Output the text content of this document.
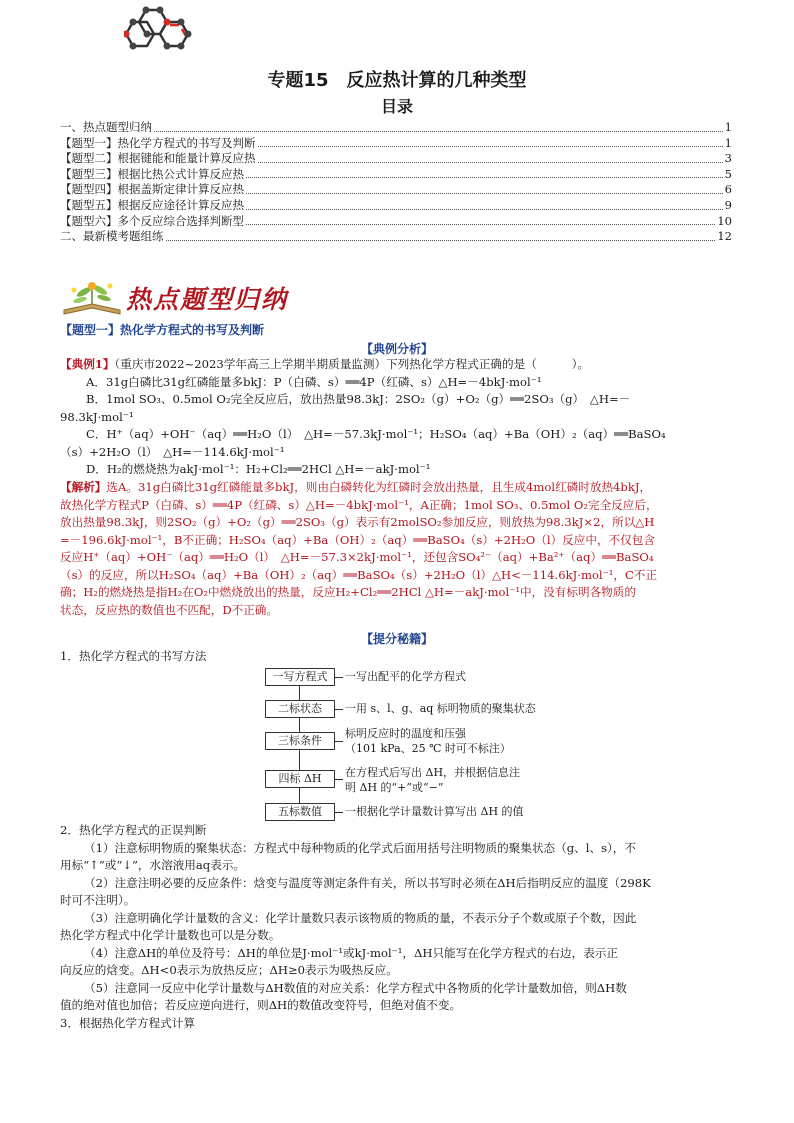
专题15　反应热计算的几种类型
目录
一、热点题型归纳	1
【题型一】热化学方程式的书写及判断	1
【题型二】根据键能和能量计算反应热	3
【题型三】根据比热公式计算反应热	5
【题型四】根据盖斯定律计算反应热	6
【题型五】根据反应途径计算反应热	9
【题型六】多个反应综合选择判断型	10
二、最新模考题组练	12
热点题型归纳
【题型一】热化学方程式的书写及判断
【典例分析】
【典例1】（重庆市2022~2023学年高三上学期半期质量监测）下列热化学方程式正确的是（　　　）。
A．31g白磷比31g红磷能量多bkJ：P（白磷、s）══4P（红磷、s）△H=－4bkJ·mol⁻¹
B．1mol SO₃、0.5mol O₂完全反应后，放出热量98.3kJ：2SO₂（g）+O₂（g）══2SO₃（g）　△H=－
98.3kJ·mol⁻¹
C．H⁺（aq）+OH⁻（aq）══H₂O（l）　△H=－57.3kJ·mol⁻¹；H₂SO₄（aq）+Ba（OH）₂（aq）══BaSO₄
（s）+2H₂O（l）　△H=－114.6kJ·mol⁻¹
D．H₂的燃烧热为akJ·mol⁻¹：H₂+Cl₂══2HCl △H=－akJ·mol⁻¹
【解析】选A。31g白磷比31g红磷能量多bkJ，则由白磷转化为红磷时会放出热量，且生成4mol红磷时放热4bkJ，
故热化学方程式P（白磷、s）══4P（红磷、s）△H=－4bkJ·mol⁻¹，A正确；1mol SO₃、0.5mol O₂完全反应后，
放出热量98.3kJ，则2SO₂（g）+O₂（g）══2SO₃（g）表示有2molSO₂参加反应，则放热为98.3kJ×2，所以△H
=－196.6kJ·mol⁻¹，B不正确；H₂SO₄（aq）+Ba（OH）₂（aq）══BaSO₄（s）+2H₂O（l）反应中，不仅包含
反应H⁺（aq）+OH⁻（aq）══H₂O（l）　△H=－57.3×2kJ·mol⁻¹，还包含SO₄²⁻（aq）+Ba²⁺（aq）══BaSO₄
（s）的反应，所以H₂SO₄（aq）+Ba（OH）₂（aq）══BaSO₄（s）+2H₂O（l）△H<－114.6kJ·mol⁻¹，C不正
确；H₂的燃烧热是指H₂在O₂中燃烧放出的热量，反应H₂+Cl₂══2HCl △H=－akJ·mol⁻¹中，没有标明各物质的
状态，反应热的数值也不匹配，D不正确。
【提分秘籍】
1．热化学方程式的书写方法
一写方程式	一写出配平的化学方程式
二标状态	一用 s、l、g、aq 标明物质的聚集状态
三标条件
标明反应时的温度和压强
（101 kPa、25 ℃ 时可不标注）
四标 ΔH	在方程式后写出 ΔH，并根据信息注
明 ΔH 的“+”或“−”
五标数值	一根据化学计量数计算写出 ΔH 的值
2．热化学方程式的正误判断
（1）注意标明物质的聚集状态：方程式中每种物质的化学式后面用括号注明物质的聚集状态（g、l、s），不
用标“↑”或“↓”，水溶液用aq表示。
（2）注意注明必要的反应条件：焓变与温度等测定条件有关，所以书写时必须在ΔH后指明反应的温度（298K
时可不注明）。
（3）注意明确化学计量数的含义：化学计量数只表示该物质的物质的量，不表示分子个数或原子个数，因此
热化学方程式中化学计量数也可以是分数。
（4）注意ΔH的单位及符号：ΔH的单位是J·mol⁻¹或kJ·mol⁻¹，ΔH只能写在化学方程式的右边，表示正
向反应的焓变。ΔH<0表示为放热反应；ΔH≥0表示为吸热反应。
（5）注意同一反应中化学计量数与ΔH数值的对应关系：化学方程式中各物质的化学计量数加倍，则ΔH数
值的绝对值也加倍；若反应逆向进行，则ΔH的数值改变符号，但绝对值不变。
3．根据热化学方程式计算
